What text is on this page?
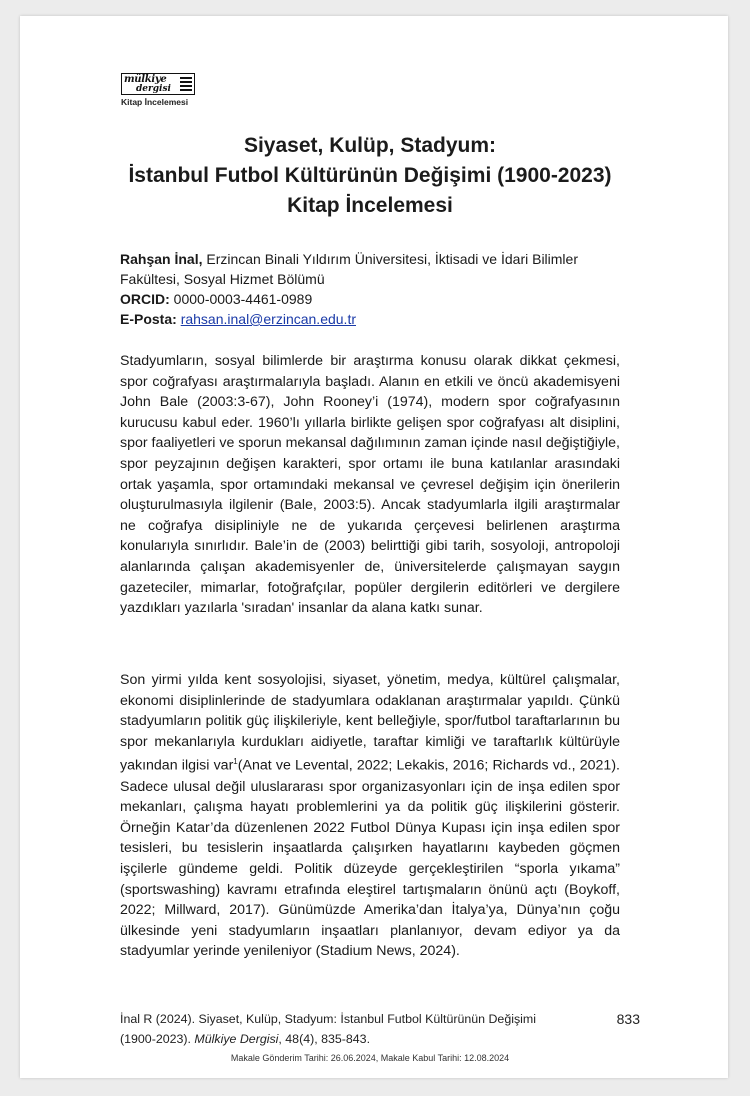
mülkiye
dergisi
Kitap İncelemesi
Siyaset, Kulüp, Stadyum:
İstanbul Futbol Kültürünün Değişimi (1900-2023)
Kitap İncelemesi
Rahşan İnal, Erzincan Binali Yıldırım Üniversitesi, İktisadi ve İdari Bilimler Fakültesi, Sosyal Hizmet Bölümü
ORCID: 0000-0003-4461-0989
E-Posta: rahsan.inal@erzincan.edu.tr
Stadyumların, sosyal bilimlerde bir araştırma konusu olarak dikkat çekmesi, spor coğrafyası araştırmalarıyla başladı. Alanın en etkili ve öncü akademisyeni John Bale (2003:3-67), John Rooney’i (1974), modern spor coğrafyasının kurucusu kabul eder. 1960’lı yıllarla birlikte gelişen spor coğrafyası alt disiplini, spor faaliyetleri ve sporun mekansal dağılımının zaman içinde nasıl değiştiğiyle, spor peyzajının değişen karakteri, spor ortamı ile buna katılanlar arasındaki ortak yaşamla, spor ortamındaki mekansal ve çevresel değişim için önerilerin oluşturulmasıyla ilgilenir (Bale, 2003:5). Ancak stadyumlarla ilgili araştırmalar ne coğrafya disipliniyle ne de yukarıda çerçevesi belirlenen araştırma konularıyla sınırlıdır. Bale’in de (2003) belirttiği gibi tarih, sosyoloji, antropoloji alanlarında çalışan akademisyenler de, üniversitelerde çalışmayan saygın gazeteciler, mimarlar, fotoğrafçılar, popüler dergilerin editörleri ve dergilere yazdıkları yazılarla 'sıradan' insanlar da alana katkı sunar.
Son yirmi yılda kent sosyolojisi, siyaset, yönetim, medya, kültürel çalışmalar, ekonomi disiplinlerinde de stadyumlara odaklanan araştırmalar yapıldı. Çünkü stadyumların politik güç ilişkileriyle, kent belleğiyle, spor/futbol taraftarlarının bu spor mekanlarıyla kurdukları aidiyetle, taraftar kimliği ve taraftarlık kültürüyle yakından ilgisi var$^1$(Anat ve Levental, 2022; Lekakis, 2016; Richards vd., 2021). Sadece ulusal değil uluslararası spor organizasyonları için de inşa edilen spor mekanları, çalışma hayatı problemlerini ya da politik güç ilişkilerini gösterir. Örneğin Katar’da düzenlenen 2022 Futbol Dünya Kupası için inşa edilen spor tesisleri, bu tesislerin inşaatlarda çalışırken hayatlarını kaybeden göçmen işçilerle gündeme geldi. Politik düzeyde gerçekleştirilen “sporla yıkama” (sportswashing) kavramı etrafında eleştirel tartışmaların önünü açtı (Boykoff, 2022; Millward, 2017). Günümüzde Amerika’dan İtalya’ya, Dünya’nın çoğu ülkesinde yeni stadyumların inşaatları planlanıyor, devam ediyor ya da stadyumlar yerinde yenileniyor (Stadium News, 2024).
İnal R (2024). Siyaset, Kulüp, Stadyum: İstanbul Futbol Kültürünün Değişimi (1900-2023). Mülkiye Dergisi, 48(4), 835-843.
833
Makale Gönderim Tarihi: 26.06.2024, Makale Kabul Tarihi: 12.08.2024
